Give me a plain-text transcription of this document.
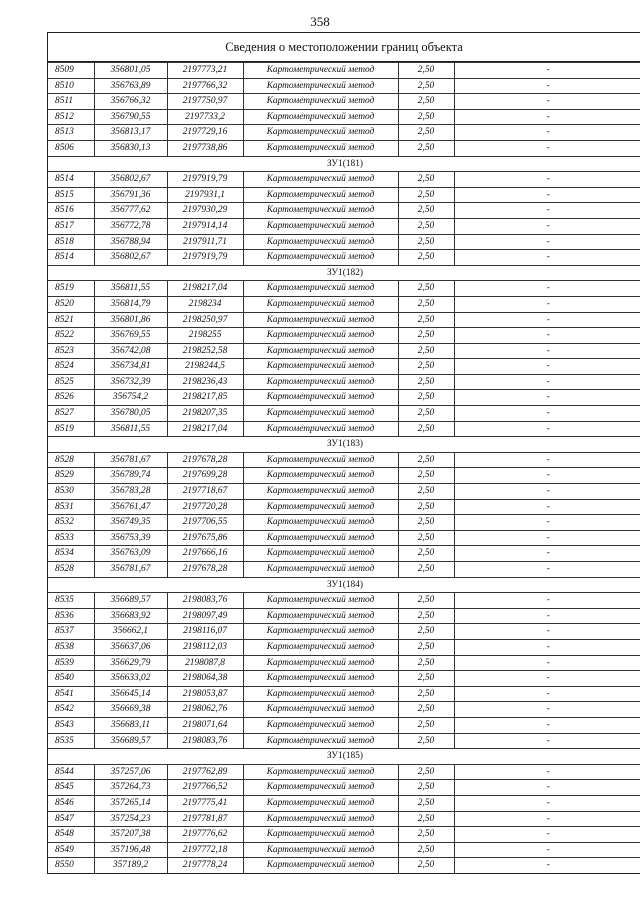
358
Сведения о местоположении границ объекта
8509	356801,05	2197773,21	Картометрический метод	2,50	-
8510	356763,89	2197766,32	Картометрический метод	2,50	-
8511	356766,32	2197750,97	Картометрический метод	2,50	-
8512	356790,55	2197733,2	Картометрический метод	2,50	-
8513	356813,17	2197729,16	Картометрический метод	2,50	-
8506	356830,13	2197738,86	Картометрический метод	2,50	-
ЗУ1(181)					
8514	356802,67	2197919,79	Картометрический метод	2,50	-
8515	356791,36	2197931,1	Картометрический метод	2,50	-
8516	356777,62	2197930,29	Картометрический метод	2,50	-
8517	356772,78	2197914,14	Картометрический метод	2,50	-
8518	356788,94	2197911,71	Картометрический метод	2,50	-
8514	356802,67	2197919,79	Картометрический метод	2,50	-
ЗУ1(182)					
8519	356811,55	2198217,04	Картометрический метод	2,50	-
8520	356814,79	2198234	Картометрический метод	2,50	-
8521	356801,86	2198250,97	Картометрический метод	2,50	-
8522	356769,55	2198255	Картометрический метод	2,50	-
8523	356742,08	2198252,58	Картометрический метод	2,50	-
8524	356734,81	2198244,5	Картометрический метод	2,50	-
8525	356732,39	2198236,43	Картометрический метод	2,50	-
8526	356754,2	2198217,85	Картометрический метод	2,50	-
8527	356780,05	2198207,35	Картометрический метод	2,50	-
8519	356811,55	2198217,04	Картометрический метод	2,50	-
ЗУ1(183)					
8528	356781,67	2197678,28	Картометрический метод	2,50	-
8529	356789,74	2197699,28	Картометрический метод	2,50	-
8530	356783,28	2197718,67	Картометрический метод	2,50	-
8531	356761,47	2197720,28	Картометрический метод	2,50	-
8532	356749,35	2197706,55	Картометрический метод	2,50	-
8533	356753,39	2197675,86	Картометрический метод	2,50	-
8534	356763,09	2197666,16	Картометрический метод	2,50	-
8528	356781,67	2197678,28	Картометрический метод	2,50	-
ЗУ1(184)					
8535	356689,57	2198083,76	Картометрический метод	2,50	-
8536	356683,92	2198097,49	Картометрический метод	2,50	-
8537	356662,1	2198116,07	Картометрический метод	2,50	-
8538	356637,06	2198112,03	Картометрический метод	2,50	-
8539	356629,79	2198087,8	Картометрический метод	2,50	-
8540	356633,02	2198064,38	Картометрический метод	2,50	-
8541	356645,14	2198053,87	Картометрический метод	2,50	-
8542	356669,38	2198062,76	Картометрический метод	2,50	-
8543	356683,11	2198071,64	Картометрический метод	2,50	-
8535	356689,57	2198083,76	Картометрический метод	2,50	-
ЗУ1(185)					
8544	357257,06	2197762,89	Картометрический метод	2,50	-
8545	357264,73	2197766,52	Картометрический метод	2,50	-
8546	357265,14	2197775,41	Картометрический метод	2,50	-
8547	357254,23	2197781,87	Картометрический метод	2,50	-
8548	357207,38	2197776,62	Картометрический метод	2,50	-
8549	357196,48	2197772,18	Картометрический метод	2,50	-
8550	357189,2	2197778,24	Картометрический метод	2,50	-
